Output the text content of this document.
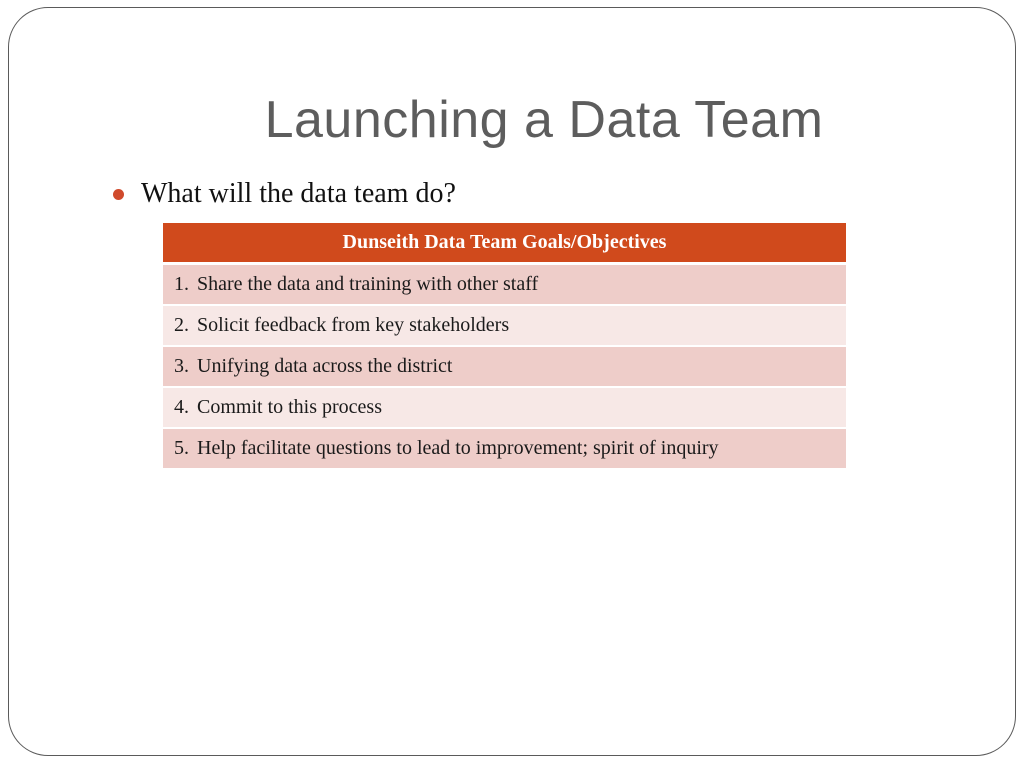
Launching a Data Team
What will the data team do?
Dunseith Data Team Goals/Objectives
1. Share the data and training with other staff
2. Solicit feedback from key stakeholders
3. Unifying data across the district
4. Commit to this process
5. Help facilitate questions to lead to improvement; spirit of inquiry
